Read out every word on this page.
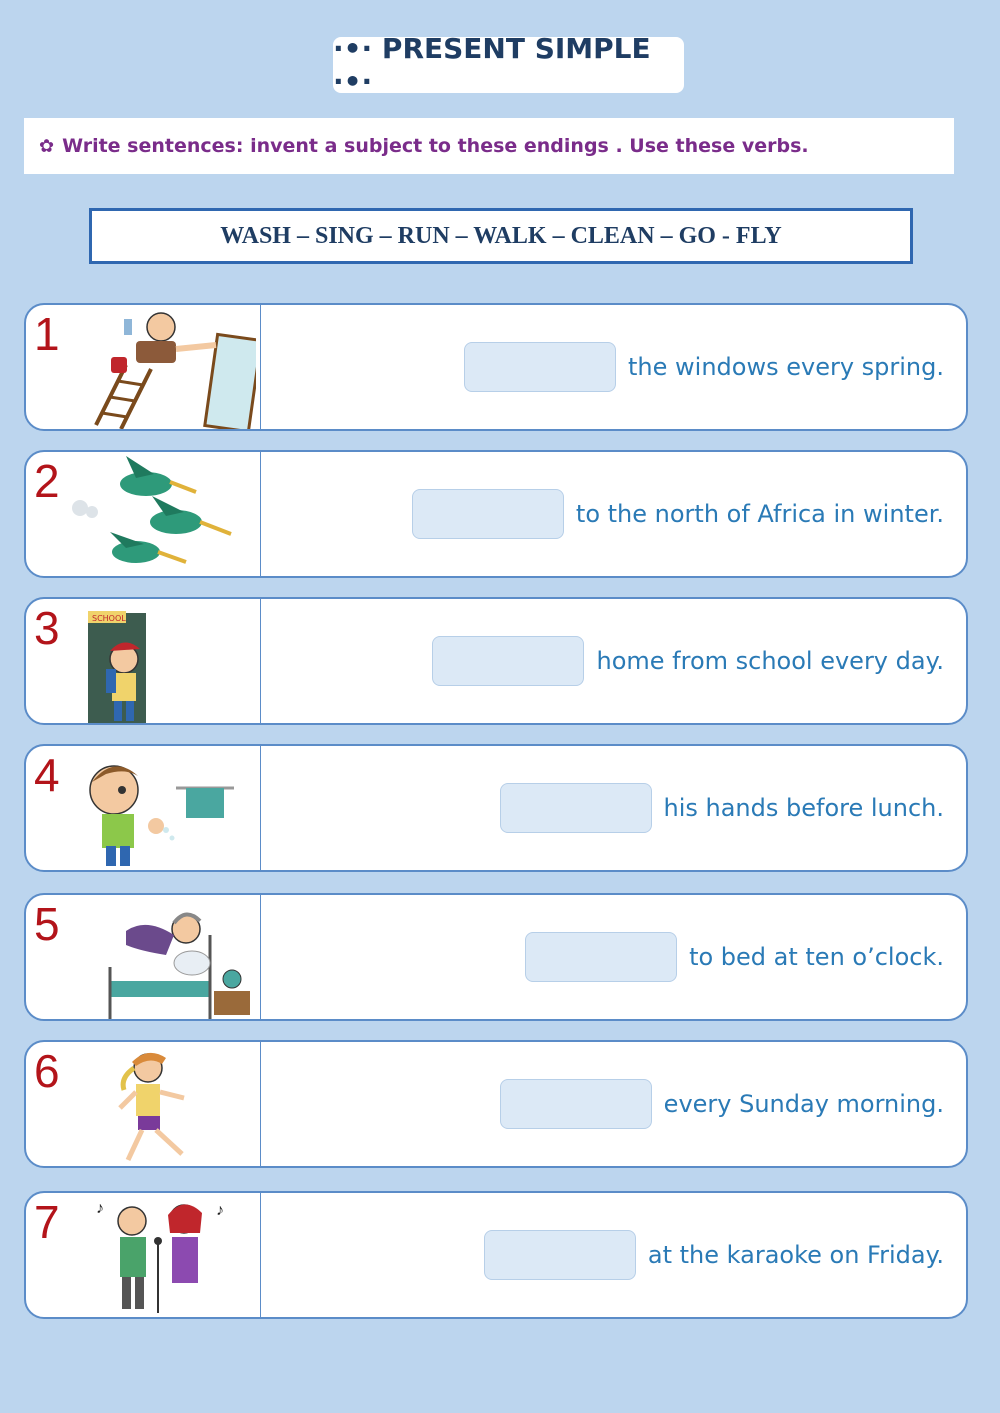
·•· PRESENT SIMPLE ·•·
✿ Write sentences: invent a subject to these endings . Use these verbs.
WASH – SING – RUN – WALK – CLEAN – GO - FLY
1
the windows every spring.
2
to the north of Africa in winter.
3	SCHOOL
home from school every day.
4
his hands before lunch.
5
to bed at ten o’clock.
6
every Sunday morning.
7 ♪	♪
at the karaoke on Friday.
